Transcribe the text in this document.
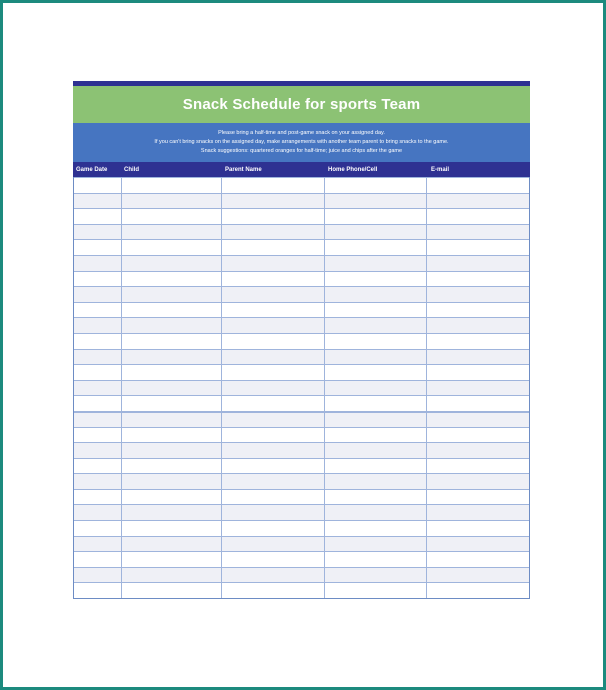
Snack Schedule for sports Team
Please bring a half-time and post-game snack on your assigned day.
If you can't bring snacks on the assigned day, make arrangements with another team parent to bring snacks to the game.
Snack suggestions: quartered oranges for half-time; juice and chips after the game
Game Date	Child	Parent Name	Home Phone/Cell	E-mail
